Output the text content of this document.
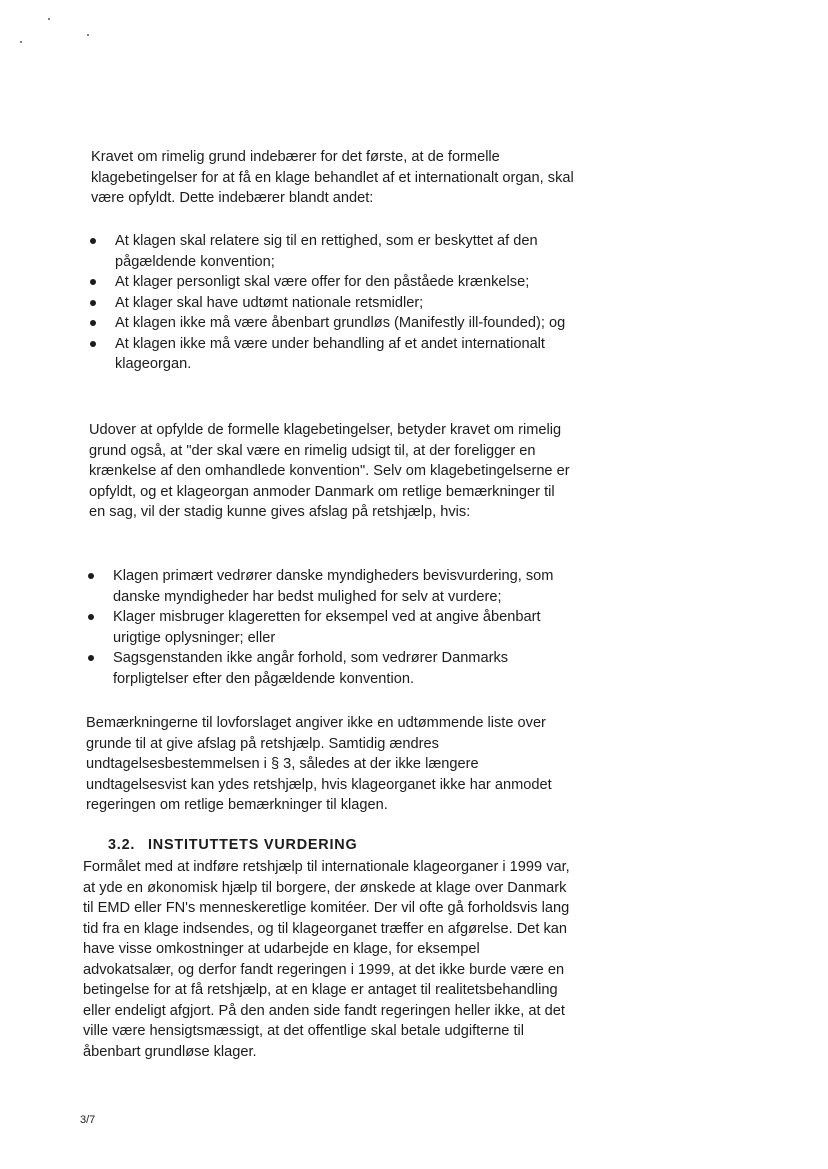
Kravet om rimelig grund indebærer for det første, at de formelle klagebetingelser for at få en klage behandlet af et internationalt organ, skal være opfyldt. Dette indebærer blandt andet:

At klagen skal relatere sig til en rettighed, som er beskyttet af den pågældende konvention;
At klager personligt skal være offer for den påståede krænkelse;
At klager skal have udtømt nationale retsmidler;
At klagen ikke må være åbenbart grundløs (Manifestly ill-founded); og
At klagen ikke må være under behandling af et andet internationalt klageorgan.

Udover at opfylde de formelle klagebetingelser, betyder kravet om rimelig grund også, at "der skal være en rimelig udsigt til, at der foreligger en krænkelse af den omhandlede konvention". Selv om klagebetingelserne er opfyldt, og et klageorgan anmoder Danmark om retlige bemærkninger til en sag, vil der stadig kunne gives afslag på retshjælp, hvis:

Klagen primært vedrører danske myndigheders bevisvurdering, som danske myndigheder har bedst mulighed for selv at vurdere;
Klager misbruger klageretten for eksempel ved at angive åbenbart urigtige oplysninger; eller
Sagsgenstanden ikke angår forhold, som vedrører Danmarks forpligtelser efter den pågældende konvention.

Bemærkningerne til lovforslaget angiver ikke en udtømmende liste over grunde til at give afslag på retshjælp. Samtidig ændres undtagelsesbestemmelsen i § 3, således at der ikke længere undtagelsesvist kan ydes retshjælp, hvis klageorganet ikke har anmodet regeringen om retlige bemærkninger til klagen.

3.2. INSTITUTTETS VURDERING

Formålet med at indføre retshjælp til internationale klageorganer i 1999 var, at yde en økonomisk hjælp til borgere, der ønskede at klage over Danmark til EMD eller FN's menneskeretlige komitéer. Der vil ofte gå forholdsvis lang tid fra en klage indsendes, og til klageorganet træffer en afgørelse. Det kan have visse omkostninger at udarbejde en klage, for eksempel advokatsalær, og derfor fandt regeringen i 1999, at det ikke burde være en betingelse for at få retshjælp, at en klage er antaget til realitetsbehandling eller endeligt afgjort. På den anden side fandt regeringen heller ikke, at det ville være hensigtsmæssigt, at det offentlige skal betale udgifterne til åbenbart grundløse klager.

3/7
